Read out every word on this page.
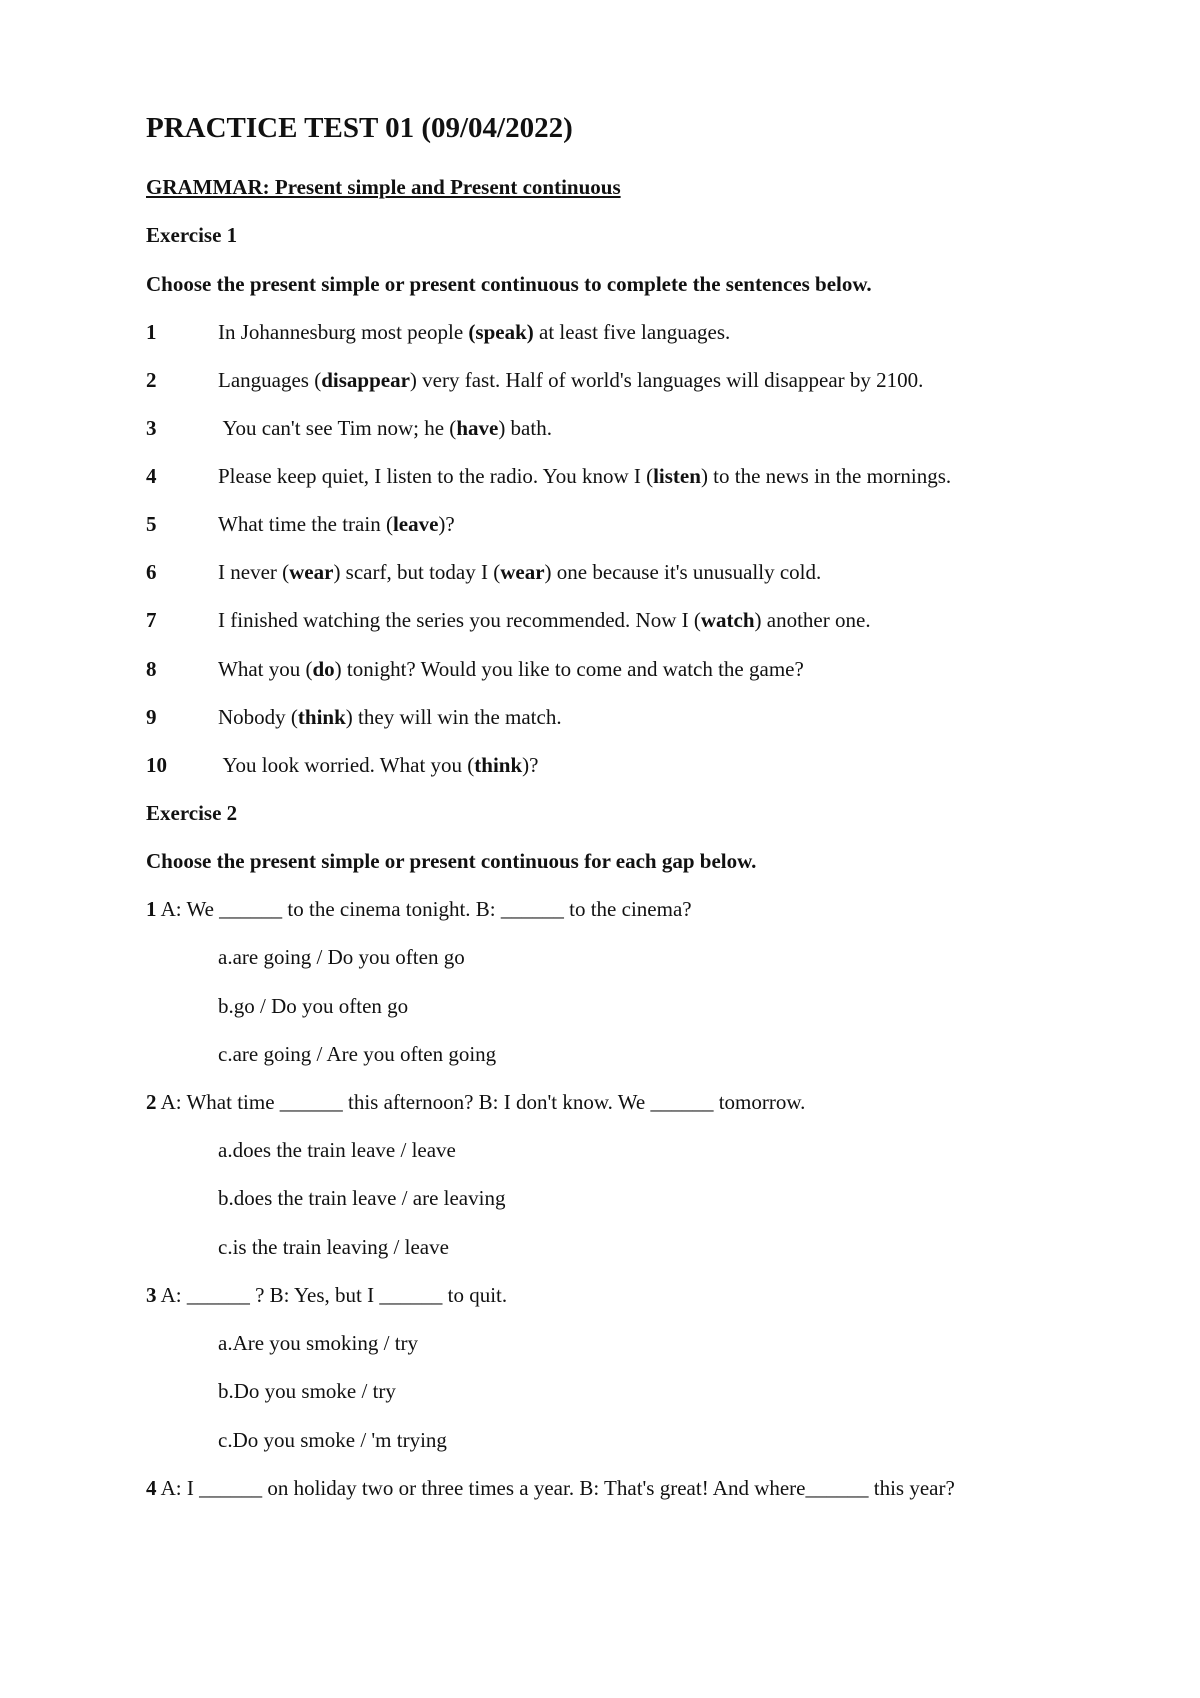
PRACTICE TEST 01 (09/04/2022)
GRAMMAR: Present simple and Present continuous
Exercise 1
Choose the present simple or present continuous to complete the sentences below.
1	In Johannesburg most people (speak) at least five languages.
2	Languages (disappear) very fast. Half of world's languages will disappear by 2100.
3	You can't see Tim now; he (have) bath.
4	Please keep quiet, I listen to the radio. You know I (listen) to the news in the mornings.
5	What time the train (leave)?
6	I never (wear) scarf, but today I (wear) one because it's unusually cold.
7	I finished watching the series you recommended. Now I (watch) another one.
8	What you (do) tonight? Would you like to come and watch the game?
9	Nobody (think) they will win the match.
10 You look worried. What you (think)?
Exercise 2
Choose the present simple or present continuous for each gap below.
1 A: We ______ to the cinema tonight. B: ______ to the cinema?
a.are going / Do you often go
b.go / Do you often go
c.are going / Are you often going
2 A: What time ______ this afternoon? B: I don't know. We ______ tomorrow.
a.does the train leave / leave
b.does the train leave / are leaving
c.is the train leaving / leave
3 A: ______ ? B: Yes, but I ______ to quit.
a.Are you smoking / try
b.Do you smoke / try
c.Do you smoke / 'm trying
4 A: I ______ on holiday two or three times a year. B: That's great! And where______ this year?
